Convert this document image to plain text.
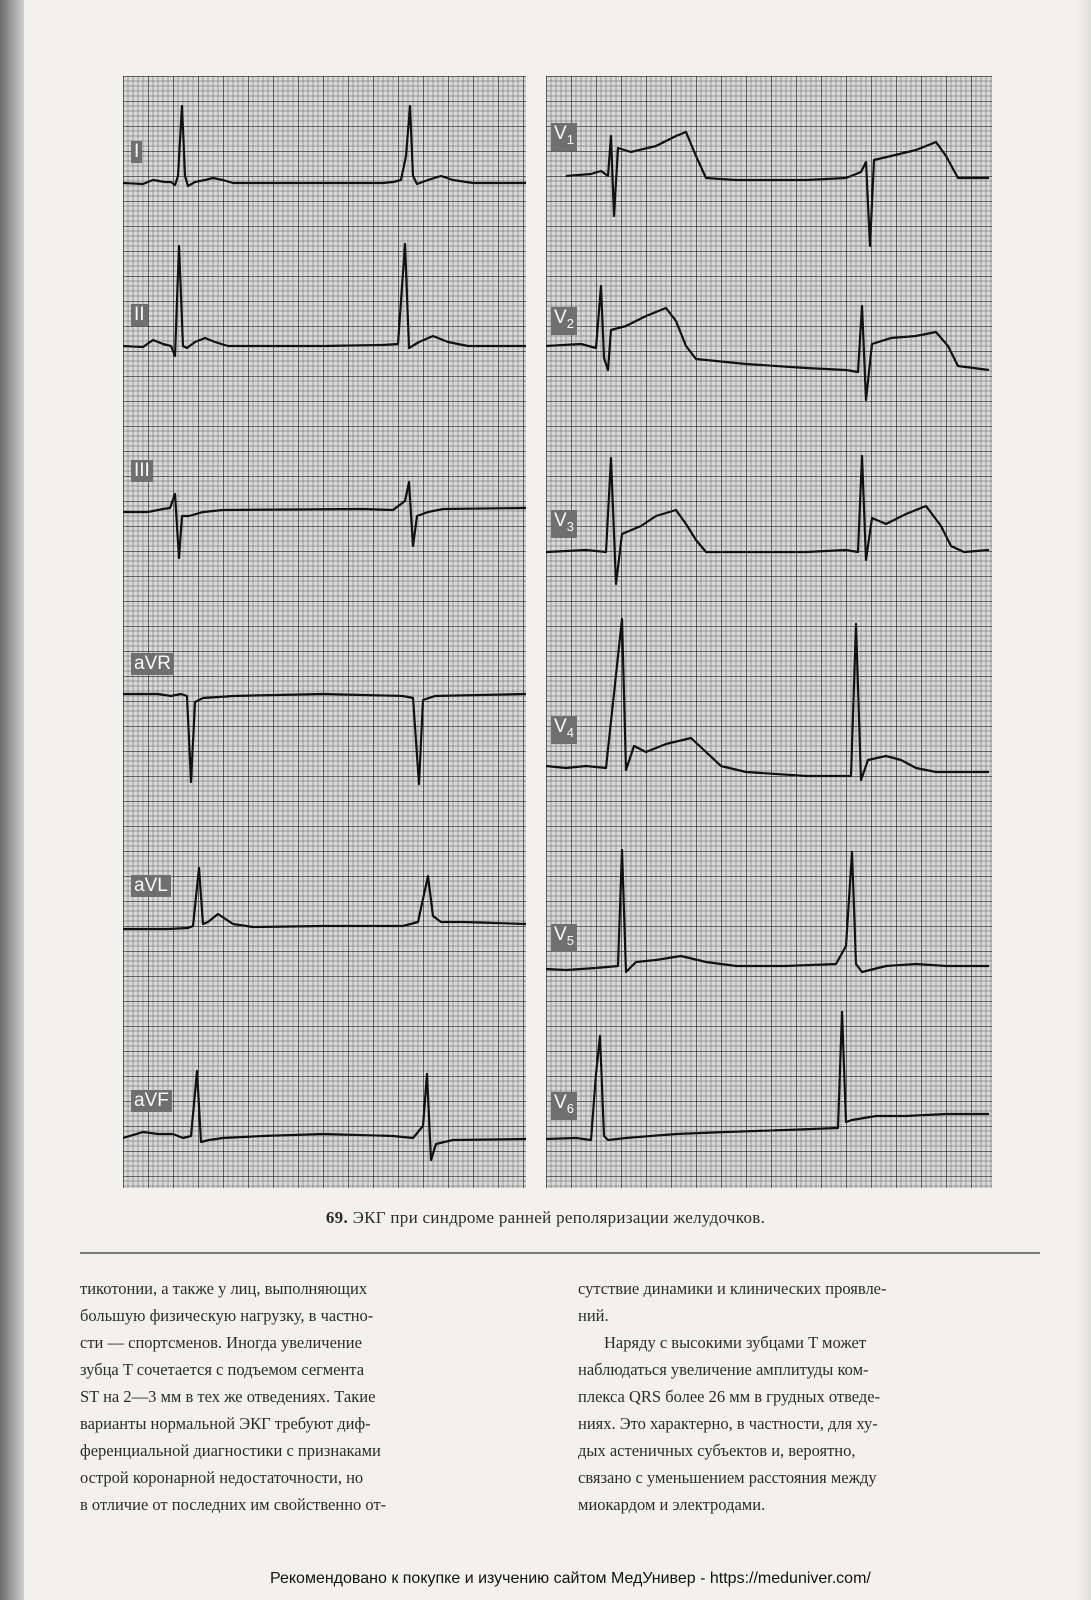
I
II
III
aVR
aVL
aVF
$V_1$
$V_2$
$V_3$
$V_4$
$V_5$
$V_6$
69. ЭКГ при синдроме ранней реполяризации желудочков.

тикотонии, а также у лиц, выполняющих

большую физическую нагрузку, в частно-

сти — спортсменов. Иногда увеличение

зубца T сочетается с подъемом сегмента

ST на 2—3 мм в тех же отведениях. Такие

варианты нормальной ЭКГ требуют диф-

ференциальной диагностики с признаками

острой коронарной недостаточности, но

в отличие от последних им свойственно от-

сутствие динамики и клинических проявле-

ний.

Наряду с высокими зубцами T может

наблюдаться увеличение амплитуды ком-

плекса QRS более 26 мм в грудных отведе-

ниях. Это характерно, в частности, для ху-

дых астеничных субъектов и, вероятно,

связано с уменьшением расстояния между

миокардом и электродами.

Рекомендовано к покупке и изучению сайтом МедУнивер - https://meduniver.com/
